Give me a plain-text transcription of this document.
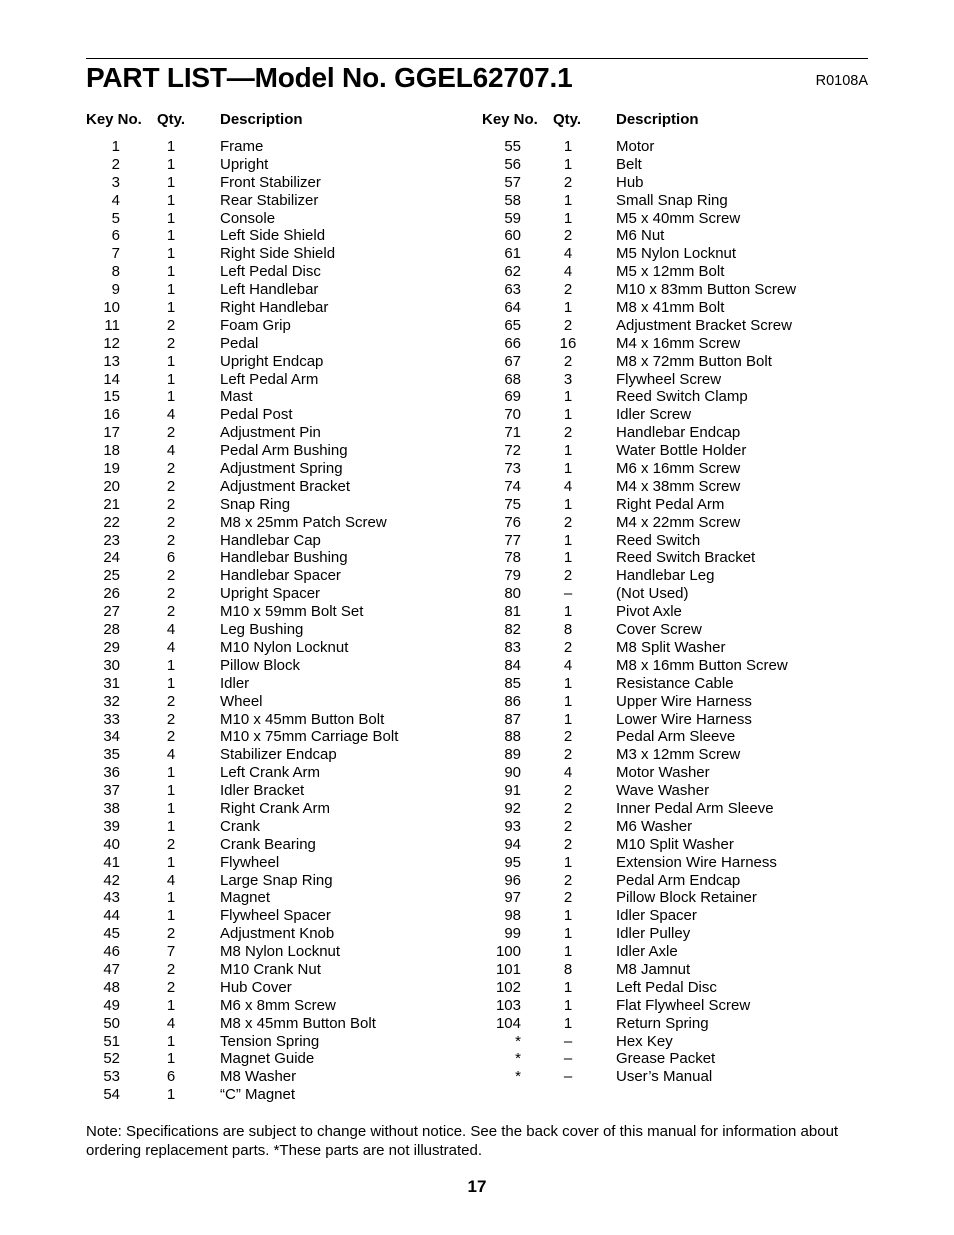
PART LIST—Model No. GGEL62707.1	R0108A
Key No. Qty. Description
1	1	Frame
2	1	Upright
3	1	Front Stabilizer
4	1	Rear Stabilizer
5	1	Console
6	1	Left Side Shield
7	1	Right Side Shield
8	1	Left Pedal Disc
9	1	Left Handlebar
10	1	Right Handlebar
11	2	Foam Grip
12	2	Pedal
13	1	Upright Endcap
14	1	Left Pedal Arm
15	1	Mast
16	4	Pedal Post
17	2	Adjustment Pin
18	4	Pedal Arm Bushing
19	2	Adjustment Spring
20	2	Adjustment Bracket
21	2	Snap Ring
22	2	M8 x 25mm Patch Screw
23	2	Handlebar Cap
24	6	Handlebar Bushing
25	2	Handlebar Spacer
26	2	Upright Spacer
27	2	M10 x 59mm Bolt Set
28	4	Leg Bushing
29	4	M10 Nylon Locknut
30	1	Pillow Block
31	1	Idler
32	2	Wheel
33	2	M10 x 45mm Button Bolt
34	2	M10 x 75mm Carriage Bolt
35	4	Stabilizer Endcap
36	1	Left Crank Arm
37	1	Idler Bracket
38	1	Right Crank Arm
39	1	Crank
40	2	Crank Bearing
41	1	Flywheel
42	4	Large Snap Ring
43	1	Magnet
44	1	Flywheel Spacer
45	2	Adjustment Knob
46	7	M8 Nylon Locknut
47	2	M10 Crank Nut
48	2	Hub Cover
49	1	M6 x 8mm Screw
50	4	M8 x 45mm Button Bolt
51	1	Tension Spring
52	1	Magnet Guide
53	6	M8 Washer
54	1	“C” Magnet
Key No. Qty. Description
55	1	Motor
56	1	Belt
57	2	Hub
58	1	Small Snap Ring
59	1	M5 x 40mm Screw
60	2	M6 Nut
61	4	M5 Nylon Locknut
62	4	M5 x 12mm Bolt
63	2	M10 x 83mm Button Screw
64	1	M8 x 41mm Bolt
65	2	Adjustment Bracket Screw
66	16	M4 x 16mm Screw
67	2	M8 x 72mm Button Bolt
68	3	Flywheel Screw
69	1	Reed Switch Clamp
70	1	Idler Screw
71	2	Handlebar Endcap
72	1	Water Bottle Holder
73	1	M6 x 16mm Screw
74	4	M4 x 38mm Screw
75	1	Right Pedal Arm
76	2	M4 x 22mm Screw
77	1	Reed Switch
78	1	Reed Switch Bracket
79	2	Handlebar Leg
80	–	(Not Used)
81	1	Pivot Axle
82	8	Cover Screw
83	2	M8 Split Washer
84	4	M8 x 16mm Button Screw
85	1	Resistance Cable
86	1	Upper Wire Harness
87	1	Lower Wire Harness
88	2	Pedal Arm Sleeve
89	2	M3 x 12mm Screw
90	4	Motor Washer
91	2	Wave Washer
92	2	Inner Pedal Arm Sleeve
93	2	M6 Washer
94	2	M10 Split Washer
95	1	Extension Wire Harness
96	2	Pedal Arm Endcap
97	2	Pillow Block Retainer
98	1	Idler Spacer
99	1	Idler Pulley
100	1	Idler Axle
101	8	M8 Jamnut
102	1	Left Pedal Disc
103	1	Flat Flywheel Screw
104	1	Return Spring
*	–	Hex Key
*	–	Grease Packet
*	–	User’s Manual
Note: Specifications are subject to change without notice. See the back cover of this manual for information about ordering replacement parts. *These parts are not illustrated.
17
